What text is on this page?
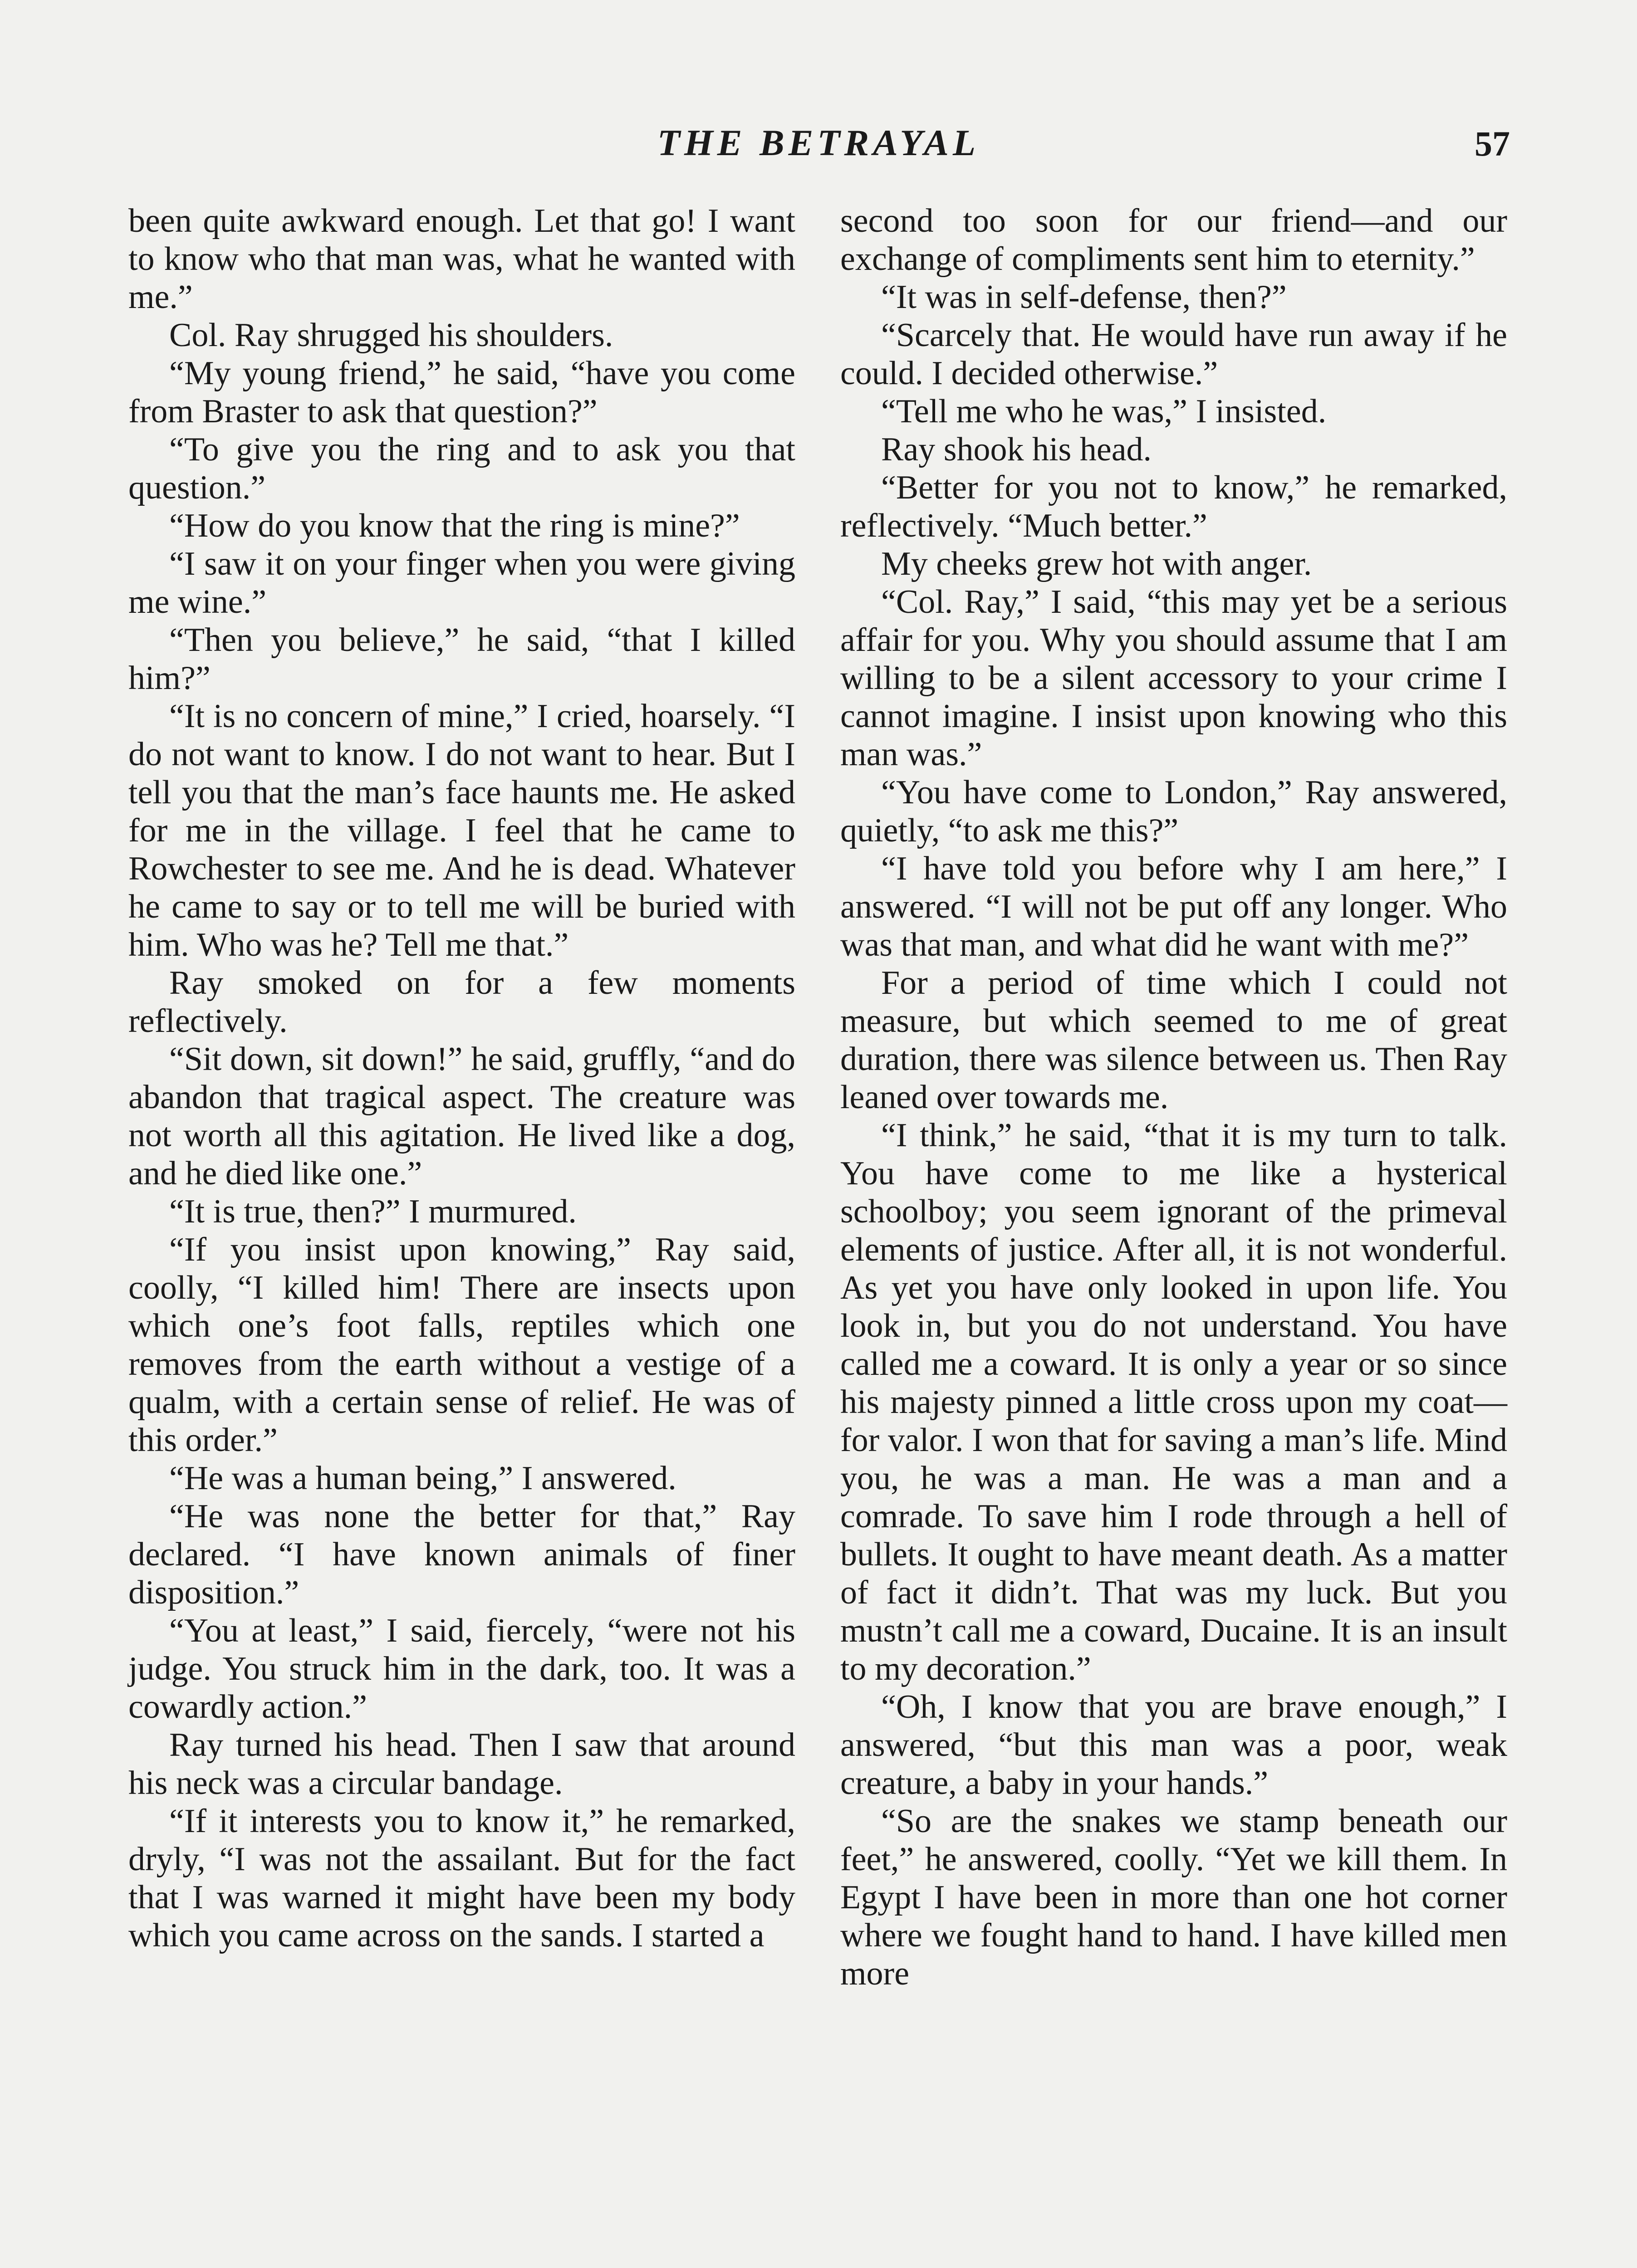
THE BETRAYAL	57

been quite awkward enough. Let that go! I want to know who that man was, what he wanted with me.”

Col. Ray shrugged his shoulders.

“My young friend,” he said, “have you come from Braster to ask that question?”

“To give you the ring and to ask you that question.”

“How do you know that the ring is mine?”

“I saw it on your finger when you were giving me wine.”

“Then you believe,” he said, “that I killed him?”

“It is no concern of mine,” I cried, hoarsely. “I do not want to know. I do not want to hear. But I tell you that the man’s face haunts me. He asked for me in the village. I feel that he came to Rowchester to see me. And he is dead. Whatever he came to say or to tell me will be buried with him. Who was he? Tell me that.”

Ray smoked on for a few moments reflectively.

“Sit down, sit down!” he said, gruffly, “and do abandon that tragical aspect. The creature was not worth all this agitation. He lived like a dog, and he died like one.”

“It is true, then?” I murmured.

“If you insist upon knowing,” Ray said, coolly, “I killed him! There are insects upon which one’s foot falls, reptiles which one removes from the earth without a vestige of a qualm, with a certain sense of relief. He was of this order.”

“He was a human being,” I answered.

“He was none the better for that,” Ray declared. “I have known animals of finer disposition.”

“You at least,” I said, fiercely, “were not his judge. You struck him in the dark, too. It was a cowardly action.”

Ray turned his head. Then I saw that around his neck was a circular bandage.

“If it interests you to know it,” he remarked, dryly, “I was not the assailant. But for the fact that I was warned it might have been my body which you came across on the sands. I started a

second too soon for our friend—and our exchange of compliments sent him to eternity.”

“It was in self-defense, then?”

“Scarcely that. He would have run away if he could. I decided otherwise.”

“Tell me who he was,” I insisted.

Ray shook his head.

“Better for you not to know,” he remarked, reflectively. “Much better.”

My cheeks grew hot with anger.

“Col. Ray,” I said, “this may yet be a serious affair for you. Why you should assume that I am willing to be a silent accessory to your crime I cannot imagine. I insist upon knowing who this man was.”

“You have come to London,” Ray answered, quietly, “to ask me this?”

“I have told you before why I am here,” I answered. “I will not be put off any longer. Who was that man, and what did he want with me?”

For a period of time which I could not measure, but which seemed to me of great duration, there was silence between us. Then Ray leaned over towards me.

“I think,” he said, “that it is my turn to talk. You have come to me like a hysterical schoolboy; you seem ignorant of the primeval elements of justice. After all, it is not wonderful. As yet you have only looked in upon life. You look in, but you do not understand. You have called me a coward. It is only a year or so since his majesty pinned a little cross upon my coat—for valor. I won that for saving a man’s life. Mind you, he was a man. He was a man and a comrade. To save him I rode through a hell of bullets. It ought to have meant death. As a matter of fact it didn’t. That was my luck. But you mustn’t call me a coward, Ducaine. It is an insult to my decoration.”

“Oh, I know that you are brave enough,” I answered, “but this man was a poor, weak creature, a baby in your hands.”

“So are the snakes we stamp beneath our feet,” he answered, coolly. “Yet we kill them. In Egypt I have been in more than one hot corner where we fought hand to hand. I have killed men more
